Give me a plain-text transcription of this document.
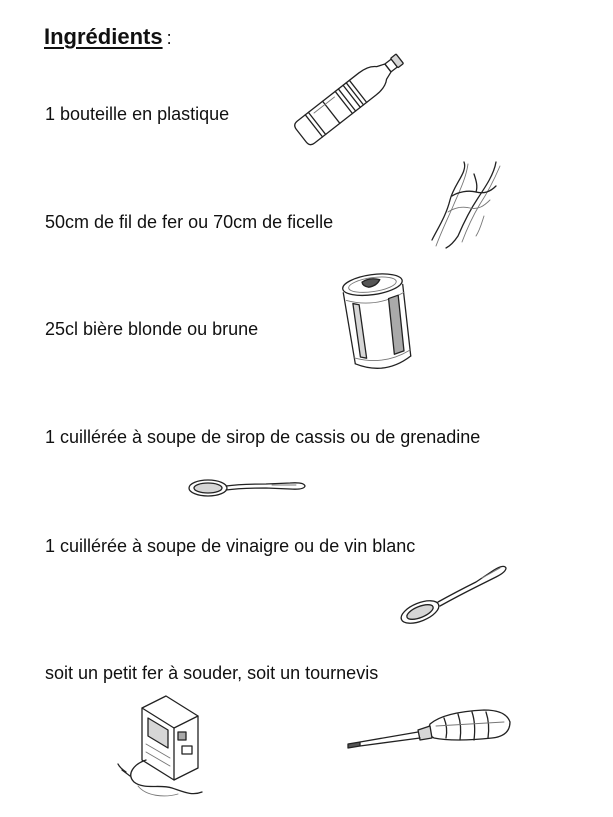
Ingrédients :
1 bouteille en plastique
50cm de fil de fer ou 70cm de ficelle
25cl bière blonde ou brune
1 cuillérée à soupe de sirop de cassis ou de grenadine
1 cuillérée à soupe de vinaigre ou de vin blanc
soit un petit fer à souder, soit un tournevis
